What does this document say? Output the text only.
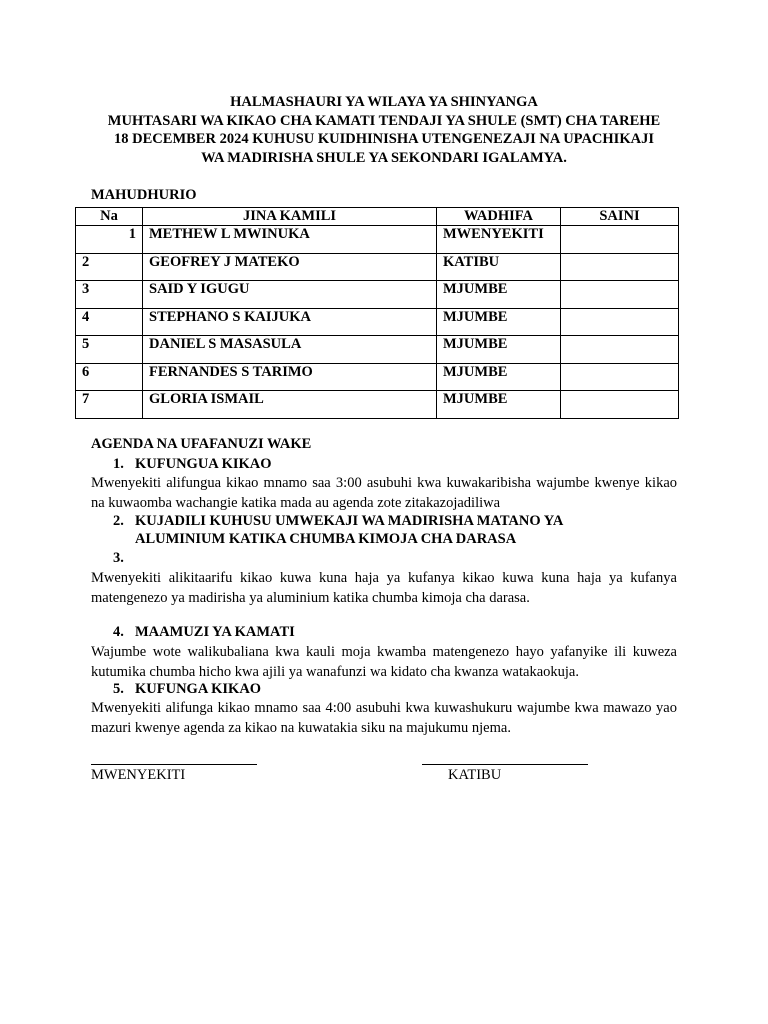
HALMASHAURI YA WILAYA YA SHINYANGA
MUHTASARI WA KIKAO CHA KAMATI TENDAJI YA SHULE (SMT) CHA TAREHE
18 DECEMBER 2024 KUHUSU KUIDHINISHA UTENGENEZAJI NA UPACHIKAJI
WA MADIRISHA SHULE YA SEKONDARI IGALAMYA.
MAHUDHURIO
Na	JINA KAMILI	WADHIFA	SAINI
1	METHEW L MWINUKA	MWENYEKITI	
2	GEOFREY J MATEKO	KATIBU	
3	SAID Y IGUGU	MJUMBE	
4	STEPHANO S KAIJUKA	MJUMBE	
5	DANIEL S MASASULA	MJUMBE	
6	FERNANDES S TARIMO	MJUMBE	
7	GLORIA ISMAIL	MJUMBE	
AGENDA NA UFAFANUZI WAKE
1. KUFUNGUA KIKAO
Mwenyekiti alifungua kikao mnamo saa 3:00 asubuhi kwa kuwakaribisha wajumbe kwenye kikao na kuwaomba wachangie katika mada au agenda zote zitakazojadiliwa
2. KUJADILI KUHUSU UMWEKAJI WA MADIRISHA MATANO YA
ALUMINIUM KATIKA CHUMBA KIMOJA CHA DARASA
3.
Mwenyekiti alikitaarifu kikao kuwa kuna haja ya kufanya kikao kuwa kuna haja ya kufanya matengenezo ya madirisha ya aluminium katika chumba kimoja cha darasa.
4. MAAMUZI YA KAMATI
Wajumbe wote walikubaliana kwa kauli moja kwamba matengenezo hayo yafanyike ili kuweza kutumika chumba hicho kwa ajili ya wanafunzi wa kidato cha kwanza watakaokuja.
5. KUFUNGA KIKAO
Mwenyekiti alifunga kikao mnamo saa 4:00 asubuhi kwa kuwashukuru wajumbe kwa mawazo yao mazuri kwenye agenda za kikao na kuwatakia siku na majukumu njema.
MWENYEKITI	KATIBU
